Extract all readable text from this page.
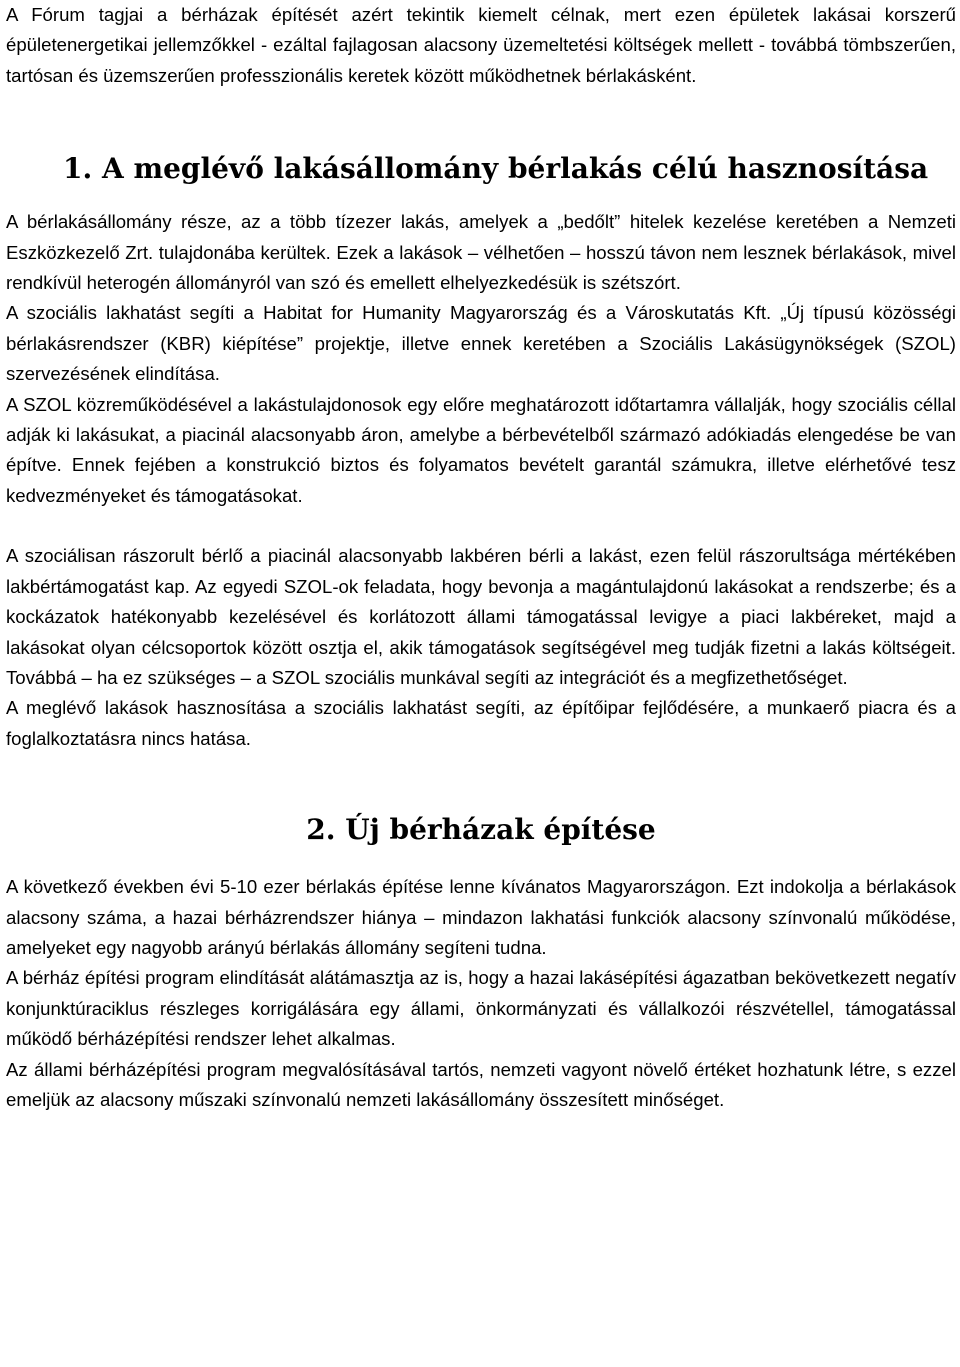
A Fórum tagjai a bérházak építését azért tekintik kiemelt célnak, mert ezen épületek lakásai korszerű épületenergetikai jellemzőkkel - ezáltal fajlagosan alacsony üzemeltetési költségek mellett - továbbá tömbszerűen, tartósan és üzemszerűen professzionális keretek között működhetnek bérlakásként.

1. A meglévő lakásállomány bérlakás célú hasznosítása

A bérlakásállomány része, az a több tízezer lakás, amelyek a „bedőlt” hitelek kezelése keretében a Nemzeti Eszközkezelő Zrt. tulajdonába kerültek. Ezek a lakások – vélhetően – hosszú távon nem lesznek bérlakások, mivel rendkívül heterogén állományról van szó és emellett elhelyezkedésük is szétszórt.

A szociális lakhatást segíti a Habitat for Humanity Magyarország és a Városkutatás Kft. „Új típusú közösségi bérlakásrendszer (KBR) kiépítése” projektje, illetve ennek keretében a Szociális Lakásügynökségek (SZOL) szervezésének elindítása.

A SZOL közreműködésével a lakástulajdonosok egy előre meghatározott időtartamra vállalják, hogy szociális céllal adják ki lakásukat, a piacinál alacsonyabb áron, amelybe a bérbevételből származó adókiadás elengedése be van építve. Ennek fejében a konstrukció biztos és folyamatos bevételt garantál számukra, illetve elérhetővé tesz kedvezményeket és támogatásokat.

A szociálisan rászorult bérlő a piacinál alacsonyabb lakbéren bérli a lakást, ezen felül rászorultsága mértékében lakbértámogatást kap. Az egyedi SZOL-ok feladata, hogy bevonja a magántulajdonú lakásokat a rendszerbe; és a kockázatok hatékonyabb kezelésével és korlátozott állami támogatással levigye a piaci lakbéreket, majd a lakásokat olyan célcsoportok között osztja el, akik támogatások segítségével meg tudják fizetni a lakás költségeit. Továbbá – ha ez szükséges – a SZOL szociális munkával segíti az integrációt és a megfizethetőséget.

A meglévő lakások hasznosítása a szociális lakhatást segíti, az építőipar fejlődésére, a munkaerő piacra és a foglalkoztatásra nincs hatása.

2. Új bérházak építése

A következő években évi 5-10 ezer bérlakás építése lenne kívánatos Magyarországon. Ezt indokolja a bérlakások alacsony száma, a hazai bérházrendszer hiánya – mindazon lakhatási funkciók alacsony színvonalú működése, amelyeket egy nagyobb arányú bérlakás állomány segíteni tudna.

A bérház építési program elindítását alátámasztja az is, hogy a hazai lakásépítési ágazatban bekövetkezett negatív konjunktúraciklus részleges korrigálására egy állami, önkormányzati és vállalkozói részvétellel, támogatással működő bérházépítési rendszer lehet alkalmas.

Az állami bérházépítési program megvalósításával tartós, nemzeti vagyont növelő értéket hozhatunk létre, s ezzel emeljük az alacsony műszaki színvonalú nemzeti lakásállomány összesített minőséget.
